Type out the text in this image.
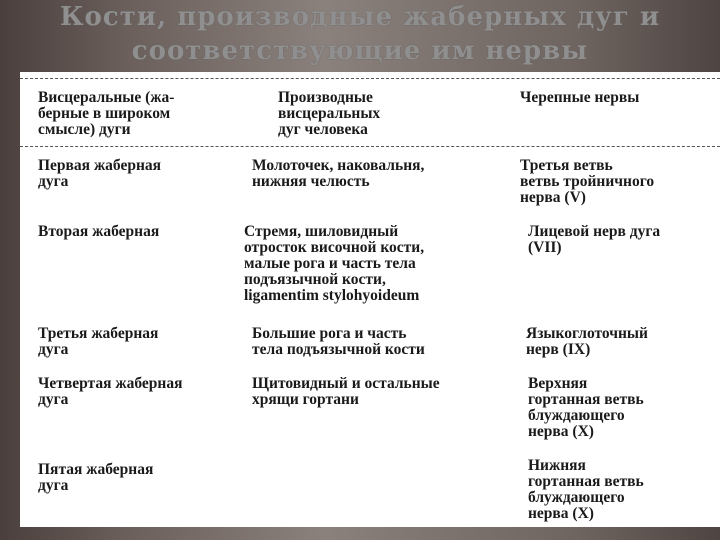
Кости, производные жаберных дуг и
соответствующие им нервы
Висцеральные (жа-
берные в широком
смысле) дуги
Производные
висцеральных
дуг человека
Черепные нервы
Первая жаберная
дуга
Молоточек, наковальня,
нижняя челюсть
Третья ветвь
ветвь тройничного
нерва (V)
Вторая жаберная	Стремя, шиловидный
отросток височной кости,
малые рога и часть тела
подъязычной кости,
ligamentim stylohyoideum
Лицевой нерв дуга
(VII)
Третья жаберная
дуга
Большие рога и часть
тела подъязычной кости
Языкоглоточный
нерв (IX)
Четвертая жаберная
дуга
Щитовидный и остальные
хрящи гортани
Верхняя
гортанная ветвь
блуждающего
нерва (X)
Пятая жаберная
дуга
Нижняя
гортанная ветвь
блуждающего
нерва (X)
